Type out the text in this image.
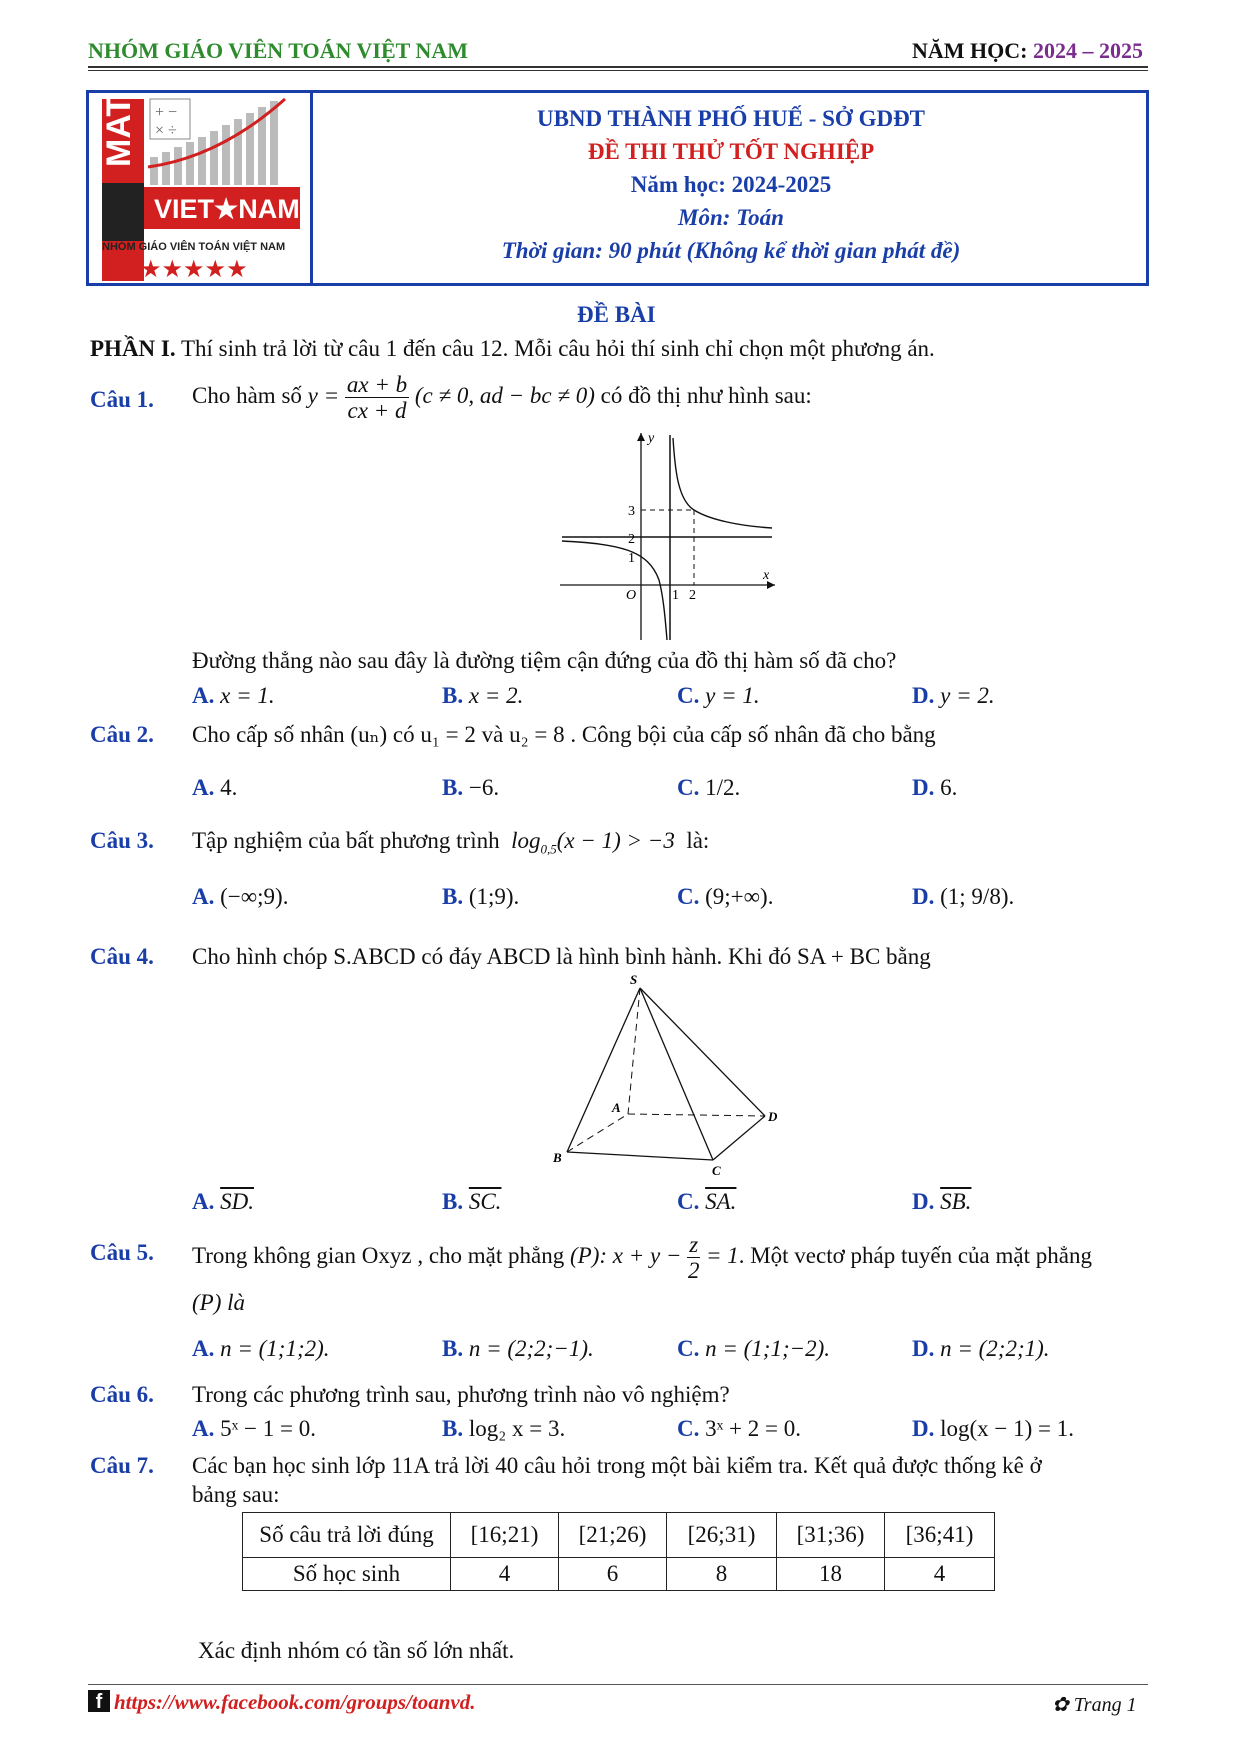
NHÓM GIÁO VIÊN TOÁN VIỆT NAM	NĂM HỌC: 2024 – 2025
MATH + −
× ÷
VIET★NAM
NHÓM GIÁO VIÊN TOÁN VIỆT NAM
★★★★★
UBND THÀNH PHỐ HUẾ - SỞ GDĐT
ĐỀ THI THỬ TỐT NGHIỆP
Năm học: 2024-2025
Môn: Toán
Thời gian: 90 phút (Không kể thời gian phát đề)
ĐỀ BÀI
PHẦN I. Thí sinh trả lời từ câu 1 đến câu 12. Mỗi câu hỏi thí sinh chỉ chọn một phương án.
Câu 1. Cho hàm số $y = \frac{ax + b}{cx + d} (c \ne 0$, ad − bc ≠ 0) có đồ thị như hình sau:
y
x
O
3
2
1
1 2
Đường thẳng nào sau đây là đường tiệm cận đứng của đồ thị hàm số đã cho?
A. x = 1.	B. x = 2.	C. y = 1.	D. y = 2.
Câu 2. Cho cấp số nhân (uₙ) có u₁ = 2 và u₂ = 8 . Công bội của cấp số nhân đã cho bằng
A. 4.	B. −6.	C. 1/2.	D. 6.
Câu 3. Tập nghiệm của bất phương trình  $\log_{0,5}(x - 1) > -3$  là:
A. (−∞;9).	B. (1;9).	C. (9;+∞).	D. (1; 9/8).
Câu 4. Cho hình chóp S.ABCD có đáy ABCD là hình bình hành. Khi đó SA + BC bằng
S
A
B
C
D
A. SD.	B. SC.	C. SA.	D. SB.
Câu 5. Trong không gian Oxyz , cho mặt phẳng (P): $x + y - \frac{z}{2} = 1$. Một vectơ pháp tuyến của mặt phẳng
(P) là
A. n = (1;1;2).	B. n = (2;2;−1).	C. n = (1;1;−2).	D. n = (2;2;1).
Câu 6. Trong các phương trình sau, phương trình nào vô nghiệm?
A. 5ˣ − 1 = 0.	B. log₂ x = 3.	C. 3ˣ + 2 = 0.	D. log(x − 1) = 1.
Câu 7. Các bạn học sinh lớp 11A trả lời 40 câu hỏi trong một bài kiểm tra. Kết quả được thống kê ở
bảng sau:
Số câu trả lời đúng	[16;21)	[21;26)	[26;31)	[31;36)	[36;41)
Số học sinh	4	6	8	18	4
Xác định nhóm có tần số lớn nhất.
f https://www.facebook.com/groups/toanvd.	✿ Trang 1
